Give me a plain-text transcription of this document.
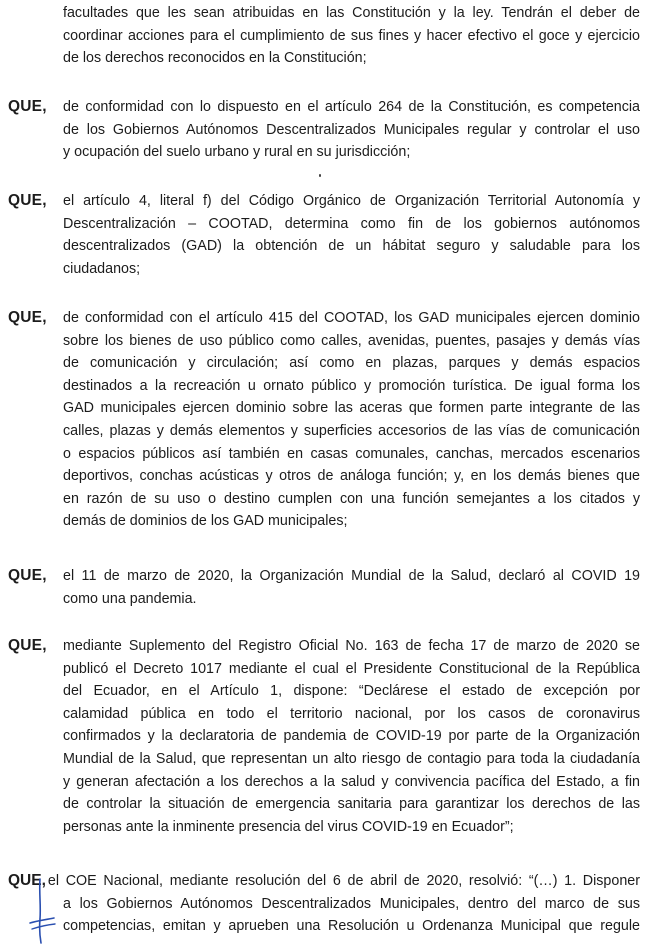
facultades que les sean atribuidas en las Constitución y la ley. Tendrán el deber de
coordinar acciones para el cumplimiento de sus fines y hacer efectivo el goce y ejercicio
de los derechos reconocidos en la Constitución;
QUE, de conformidad con lo dispuesto en el artículo 264 de la Constitución, es competencia
de los Gobiernos Autónomos Descentralizados Municipales regular y controlar el uso
y ocupación del suelo urbano y rural en su jurisdicción;
QUE, el artículo 4, literal f) del Código Orgánico de Organización Territorial Autonomía y
Descentralización – COOTAD, determina como fin de los gobiernos autónomos
descentralizados (GAD) la obtención de un hábitat seguro y saludable para los
ciudadanos;
QUE, de conformidad con el artículo 415 del COOTAD, los GAD municipales ejercen dominio
sobre los bienes de uso público como calles, avenidas, puentes, pasajes y demás vías
de comunicación y circulación; así como en plazas, parques y demás espacios
destinados a la recreación u ornato público y promoción turística. De igual forma los
GAD municipales ejercen dominio sobre las aceras que formen parte integrante de las
calles, plazas y demás elementos y superficies accesorios de las vías de comunicación
o espacios públicos así también en casas comunales, canchas, mercados escenarios
deportivos, conchas acústicas y otros de análoga función; y, en los demás bienes que
en razón de su uso o destino cumplen con una función semejantes a los citados y
demás de dominios de los GAD municipales;
QUE, el 11 de marzo de 2020, la Organización Mundial de la Salud, declaró al COVID 19
como una pandemia.
QUE, mediante Suplemento del Registro Oficial No. 163 de fecha 17 de marzo de 2020 se
publicó el Decreto 1017 mediante el cual el Presidente Constitucional de la República
del Ecuador, en el Artículo 1, dispone: “Declárese el estado de excepción por
calamidad pública en todo el territorio nacional, por los casos de coronavirus
confirmados y la declaratoria de pandemia de COVID-19 por parte de la Organización
Mundial de la Salud, que representan un alto riesgo de contagio para toda la ciudadanía
y generan afectación a los derechos a la salud y convivencia pacífica del Estado, a fin
de controlar la situación de emergencia sanitaria para garantizar los derechos de las
personas ante la inminente presencia del virus COVID-19 en Ecuador”;
QUE, el COE Nacional, mediante resolución del 6 de abril de 2020, resolvió: “(…) 1. Disponer
a los Gobiernos Autónomos Descentralizados Municipales, dentro del marco de sus
competencias, emitan y aprueben una Resolución u Ordenanza Municipal que regule
